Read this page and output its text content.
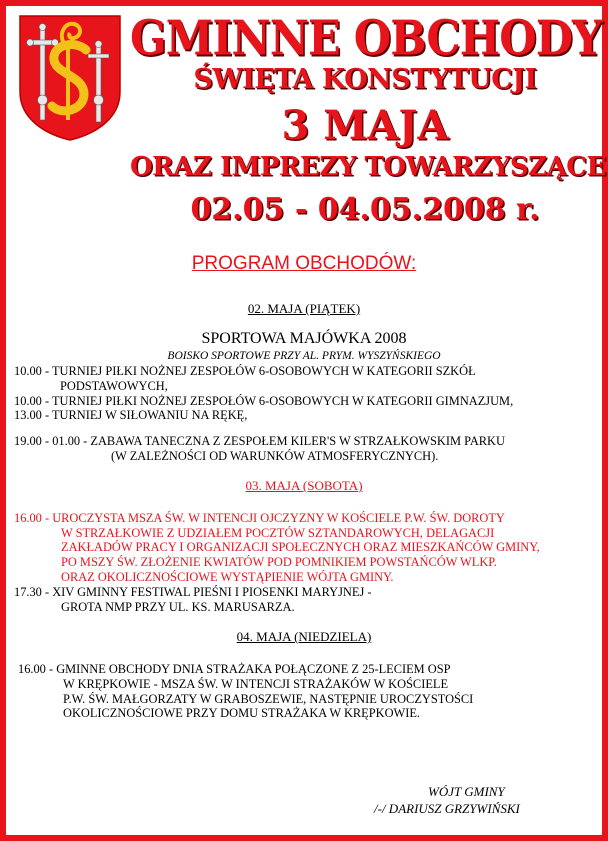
GMINNE OBCHODY
ŚWIĘTA KONSTYTUCJI
3 MAJA
ORAZ IMPREZY TOWARZYSZĄCE
02.05 - 04.05.2008 r.
PROGRAM OBCHODÓW:
02. MAJA (PIĄTEK)
SPORTOWA MAJÓWKA 2008
BOISKO SPORTOWE PRZY AL. PRYM. WYSZYŃSKIEGO
10.00 - TURNIEJ PIŁKI NOŻNEJ ZESPOŁÓW 6-OSOBOWYCH W KATEGORII SZKÓŁ
PODSTAWOWYCH,
10.00 - TURNIEJ PIŁKI NOŻNEJ ZESPOŁÓW 6-OSOBOWYCH W KATEGORII GIMNAZJUM,
13.00 - TURNIEJ W SIŁOWANIU NA RĘKĘ,
19.00 - 01.00 - ZABAWA TANECZNA Z ZESPOŁEM KILER'S W STRZAŁKOWSKIM PARKU
(W ZALEŻNOŚCI OD WARUNKÓW ATMOSFERYCZNYCH).
03. MAJA (SOBOTA)
16.00 - UROCZYSTA MSZA ŚW. W INTENCJI OJCZYZNY W KOŚCIELE P.W. ŚW. DOROTY
W STRZAŁKOWIE Z UDZIAŁEM POCZTÓW SZTANDAROWYCH, DELAGACJI
ZAKŁADÓW PRACY I ORGANIZACJI SPOŁECZNYCH ORAZ MIESZKAŃCÓW GMINY,
PO MSZY ŚW. ZŁOŻENIE KWIATÓW POD POMNIKIEM POWSTAŃCÓW WLKP.
ORAZ OKOLICZNOŚCIOWE WYSTĄPIENIE WÓJTA GMINY.
17.30 - XIV GMINNY FESTIWAL PIEŚNI I PIOSENKI MARYJNEJ -
GROTA NMP PRZY UL. KS. MARUSARZA.
04. MAJA (NIEDZIELA)
16.00 - GMINNE OBCHODY DNIA STRAŻAKA POŁĄCZONE Z 25-LECIEM OSP
W KRĘPKOWIE - MSZA ŚW. W INTENCJI STRAŻAKÓW W KOŚCIELE
P.W. ŚW. MAŁGORZATY W GRABOSZEWIE, NASTĘPNIE UROCZYSTOŚCI
OKOLICZNOŚCIOWE PRZY DOMU STRAŻAKA W KRĘPKOWIE.
WÓJT GMINY
/-/ DARIUSZ GRZYWIŃSKI
